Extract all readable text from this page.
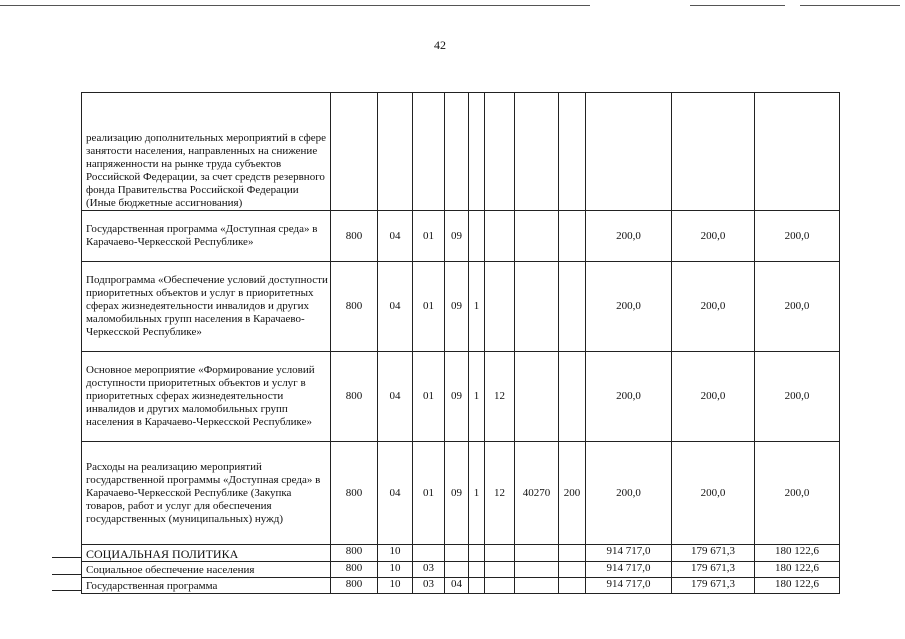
42
реализацию дополнительных мероприятий в сфере занятости населения, направленных на снижение напряженности на рынке труда субъектов Российской Федерации, за счет средств резервного фонда Правительства Российской Федерации (Иные бюджетные ассигнования)											
Государственная программа «Доступная среда» в Карачаево-Черкесской Республике»	800	04	01	09					200,0	200,0	200,0
Подпрограмма «Обеспечение условий доступности приоритетных объектов и услуг в приоритетных сферах жизнедеятельности инвалидов и других маломобильных групп населения в Карачаево-Черкесской Республике»	800	04	01	09	1				200,0	200,0	200,0
Основное мероприятие «Формирование условий доступности приоритетных объектов и услуг в приоритетных сферах жизнедеятельности инвалидов и других маломобильных групп населения в Карачаево-Черкесской Республике»	800	04	01	09	1	12			200,0	200,0	200,0
Расходы на реализацию мероприятий государственной программы «Доступная среда» в Карачаево-Черкесской Республике (Закупка товаров, работ и услуг для обеспечения государственных (муниципальных) нужд)	800	04	01	09	1	12	40270	200	200,0	200,0	200,0
СОЦИАЛЬНАЯ ПОЛИТИКА	800	10							914 717,0	179 671,3	180 122,6
Социальное обеспечение населения	800	10	03						914 717,0	179 671,3	180 122,6
Государственная программа	800	10	03	04					914 717,0	179 671,3	180 122,6
